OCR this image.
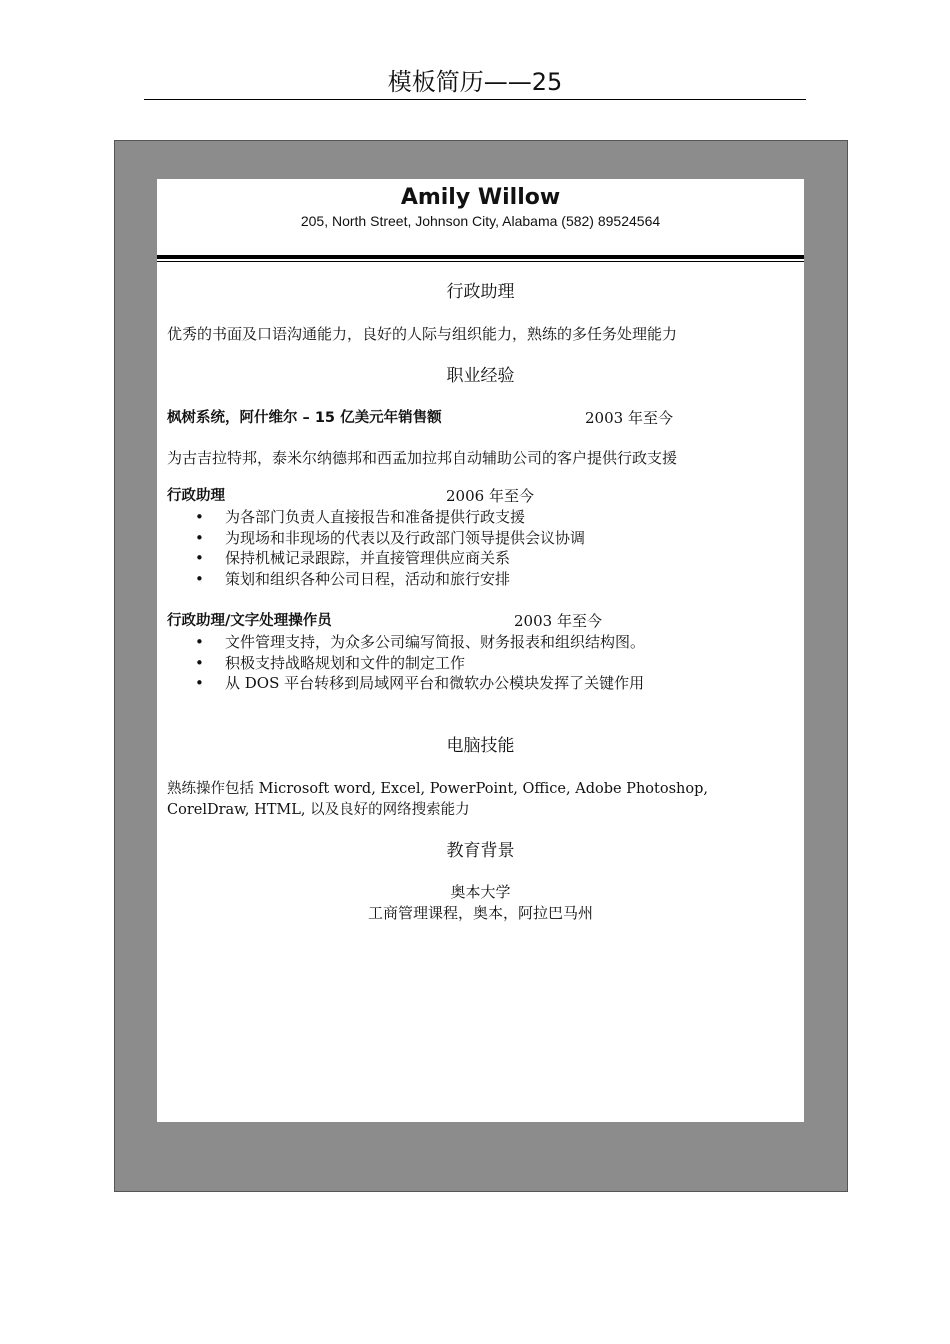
模板简历——25
Amily Willow
205, North Street, Johnson City, Alabama (582) 89524564
行政助理
优秀的书面及口语沟通能力，良好的人际与组织能力，熟练的多任务处理能力
职业经验
枫树系统，阿什维尔 – 15 亿美元年销售额	2003 年至今
为古吉拉特邦，泰米尔纳德邦和西孟加拉邦自动辅助公司的客户提供行政支援
行政助理	2006 年至今
• 为各部门负责人直接报告和准备提供行政支援
• 为现场和非现场的代表以及行政部门领导提供会议协调
• 保持机械记录跟踪，并直接管理供应商关系
• 策划和组织各种公司日程，活动和旅行安排
行政助理/文字处理操作员	2003 年至今
• 文件管理支持，为众多公司编写简报、财务报表和组织结构图。
• 积极支持战略规划和文件的制定工作
• 从 DOS 平台转移到局域网平台和微软办公模块发挥了关键作用
电脑技能
熟练操作包括 Microsoft word, Excel, PowerPoint, Office, Adobe Photoshop, CorelDraw, HTML, 以及良好的网络搜索能力
教育背景
奥本大学
工商管理课程，奥本，阿拉巴马州
